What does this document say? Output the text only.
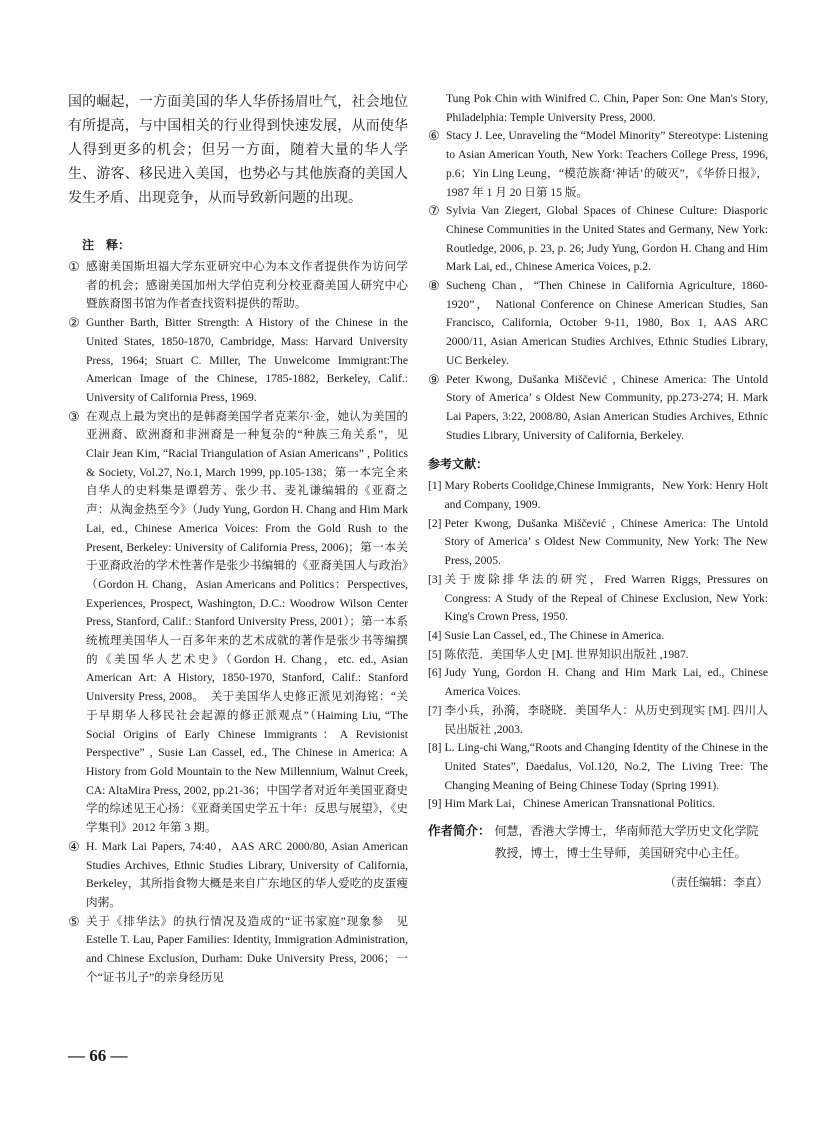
国的崛起，一方面美国的华人华侨扬眉吐气，社会地位有所提高，与中国相关的行业得到快速发展，从而使华人得到更多的机会；但另一方面，随着大量的华人学生、游客、移民进入美国，也势必与其他族裔的美国人发生矛盾、出现竞争，从而导致新问题的出现。

注　释：
① 感谢美国斯坦福大学东亚研究中心为本文作者提供作为访问学者的机会；感谢美国加州大学伯克利分校亚裔美国人研究中心暨族裔图书馆为作者查找资料提供的帮助。
② Gunther Barth, Bitter Strength: A History of the Chinese in the United States, 1850-1870, Cambridge, Mass: Harvard University Press, 1964; Stuart C. Miller, The Unwelcome Immigrant:The American Image of the Chinese, 1785-1882, Berkeley, Calif.: University of California Press, 1969.
③ 在观点上最为突出的是韩裔美国学者克莱尔·金，她认为美国的亚洲裔、欧洲裔和非洲裔是一种复杂的“种族三角关系”，见 Clair Jean Kim, “Racial Triangulation of Asian Americans” , Politics & Society, Vol.27, No.1, March 1999, pp.105-138；第一本完全来自华人的史料集是谭碧芳、张少书、麦礼谦编辑的《亚裔之声：从淘金热至今》（Judy Yung, Gordon H. Chang and Him Mark Lai, ed., Chinese America Voices: From the Gold Rush to the Present, Berkeley: University of California Press, 2006)；第一本关于亚裔政治的学术性著作是张少书编辑的《亚裔美国人与政治》（Gordon H. Chang，Asian Americans and Politics：Perspectives, Experiences, Prospect, Washington, D.C.: Woodrow Wilson Center Press, Stanford, Calif.: Stanford University Press, 2001）；第一本系统梳理美国华人一百多年来的艺术成就的著作是张少书等编撰的《美国华人艺术史》（Gordon H. Chang，etc. ed., Asian American Art: A History, 1850-1970, Stanford, Calif.: Stanford University Press, 2008。　关于美国华人史修正派见刘海铭：“关于早期华人移民社会起源的修正派观点”（Haiming Liu, “The Social Origins of Early Chinese Immigrants：A Revisionist Perspective” , Susie Lan Cassel, ed., The Chinese in America: A History from Gold Mountain to the New Millennium, Walnut Creek, CA: AltaMira Press, 2002, pp.21-36；中国学者对近年美国亚裔史学的综述见王心扬：《亚裔美国史学五十年：反思与展望》，《史学集刊》2012 年第 3 期。
④ H. Mark Lai Papers, 74:40，AAS ARC 2000/80, Asian American Studies Archives, Ethnic Studies Library, University of California, Berkeley，其所指食物大概是来自广东地区的华人爱吃的皮蛋瘦肉粥。
⑤ 关于《排华法》的执行情况及造成的“证书家庭”现象参　见 Estelle T. Lau, Paper Families: Identity, Immigration Administration, and Chinese Exclusion, Durham: Duke University Press, 2006；一个“证书儿子”的亲身经历见
Tung Pok Chin with Winifred C. Chin, Paper Son: One Man's Story, Philadelphia: Temple University Press, 2000.
⑥ Stacy J. Lee, Unraveling the “Model Minority” Stereotype: Listening to Asian American Youth, New York: Teachers College Press, 1996, p.6；Yin Ling Leung，“模范族裔‘神话’的破灭”，《华侨日报》，1987 年 1 月 20 日第 15 版。
⑦ Sylvia Van Ziegert, Global Spaces of Chinese Culture: Diasporic Chinese Communities in the United States and Germany, New York: Routledge, 2006, p. 23, p. 26; Judy Yung, Gordon H. Chang and Him Mark Lai, ed., Chinese America Voices, p.2.
⑧ Sucheng Chan，“Then Chinese in California Agriculture, 1860-1920”， National Conference on Chinese American Studies, San Francisco, California, October 9-11, 1980, Box 1, AAS ARC 2000/11, Asian American Studies Archives, Ethnic Studies Library, UC Berkeley.
⑨ Peter Kwong, Dušanka Miščević , Chinese America: The Untold Story of America’ s Oldest New Community, pp.273-274; H. Mark Lai Papers, 3:22, 2008/80, Asian American Studies Archives, Ethnic Studies Library, University of California, Berkeley.
参考文献：
[1] Mary Roberts Coolidge,Chinese Immigrants，New York: Henry Holt and Company, 1909.
[2] Peter Kwong, Dušanka Miščević , Chinese America: The Untold Story of America’ s Oldest New Community, New York: The New Press, 2005.
[3] 关于废除排华法的研究，Fred Warren Riggs, Pressures on Congress: A Study of the Repeal of Chinese Exclusion, New York: King's Crown Press, 1950.
[4] Susie Lan Cassel, ed., The Chinese in America.
[5] 陈依范．美国华人史 [M]. 世界知识出版社 ,1987.
[6] Judy Yung, Gordon H. Chang and Him Mark Lai, ed., Chinese America Voices.
[7] 李小兵，孙漪，李晓晓．美国华人：从历史到现实 [M]. 四川人民出版社 ,2003.
[8] L. Ling-chi Wang,“Roots and Changing Identity of the Chinese in the United States”, Daedalus, Vol.120, No.2, The Living Tree: The Changing Meaning of Being Chinese Today (Spring 1991).
[9] Him Mark Lai，Chinese American Transnational Politics.
作者简介： 何慧，香港大学博士，华南师范大学历史文化学院教授，博士，博士生导师，美国研究中心主任。
（责任编辑：李直）
— 66 —
